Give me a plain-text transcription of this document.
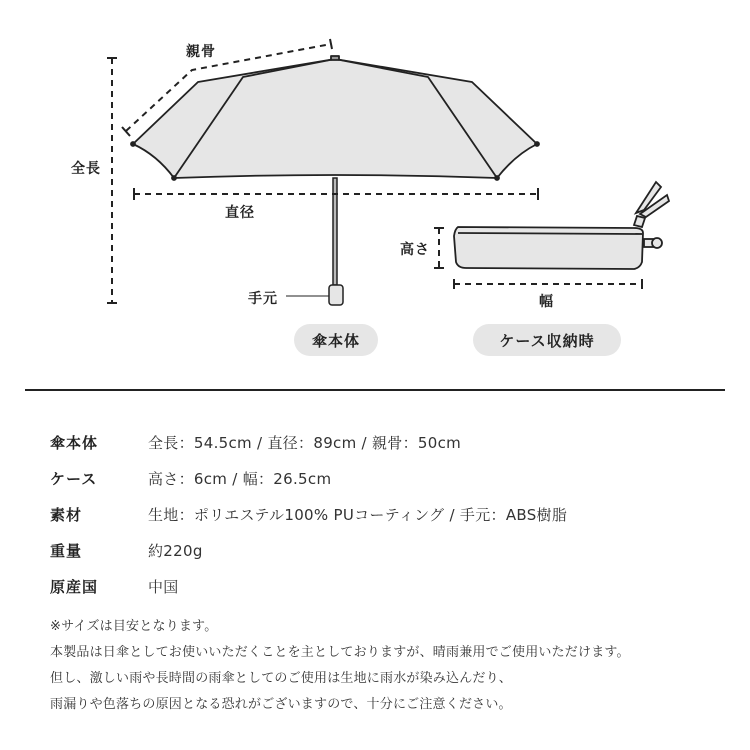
親骨
全長
直径
手元
傘本体
高さ
幅
ケース収納時
傘本体	全長：54.5cm / 直径：89cm / 親骨：50cm
ケース	高さ：6cm / 幅：26.5cm
素材	生地：ポリエステル100% PUコーティング / 手元：ABS樹脂
重量	約220g
原産国	中国
※サイズは目安となります。
本製品は日傘としてお使いいただくことを主としておりますが、晴雨兼用でご使用いただけます。
但し、激しい雨や長時間の雨傘としてのご使用は生地に雨水が染み込んだり、
雨漏りや色落ちの原因となる恐れがございますので、十分にご注意ください。
